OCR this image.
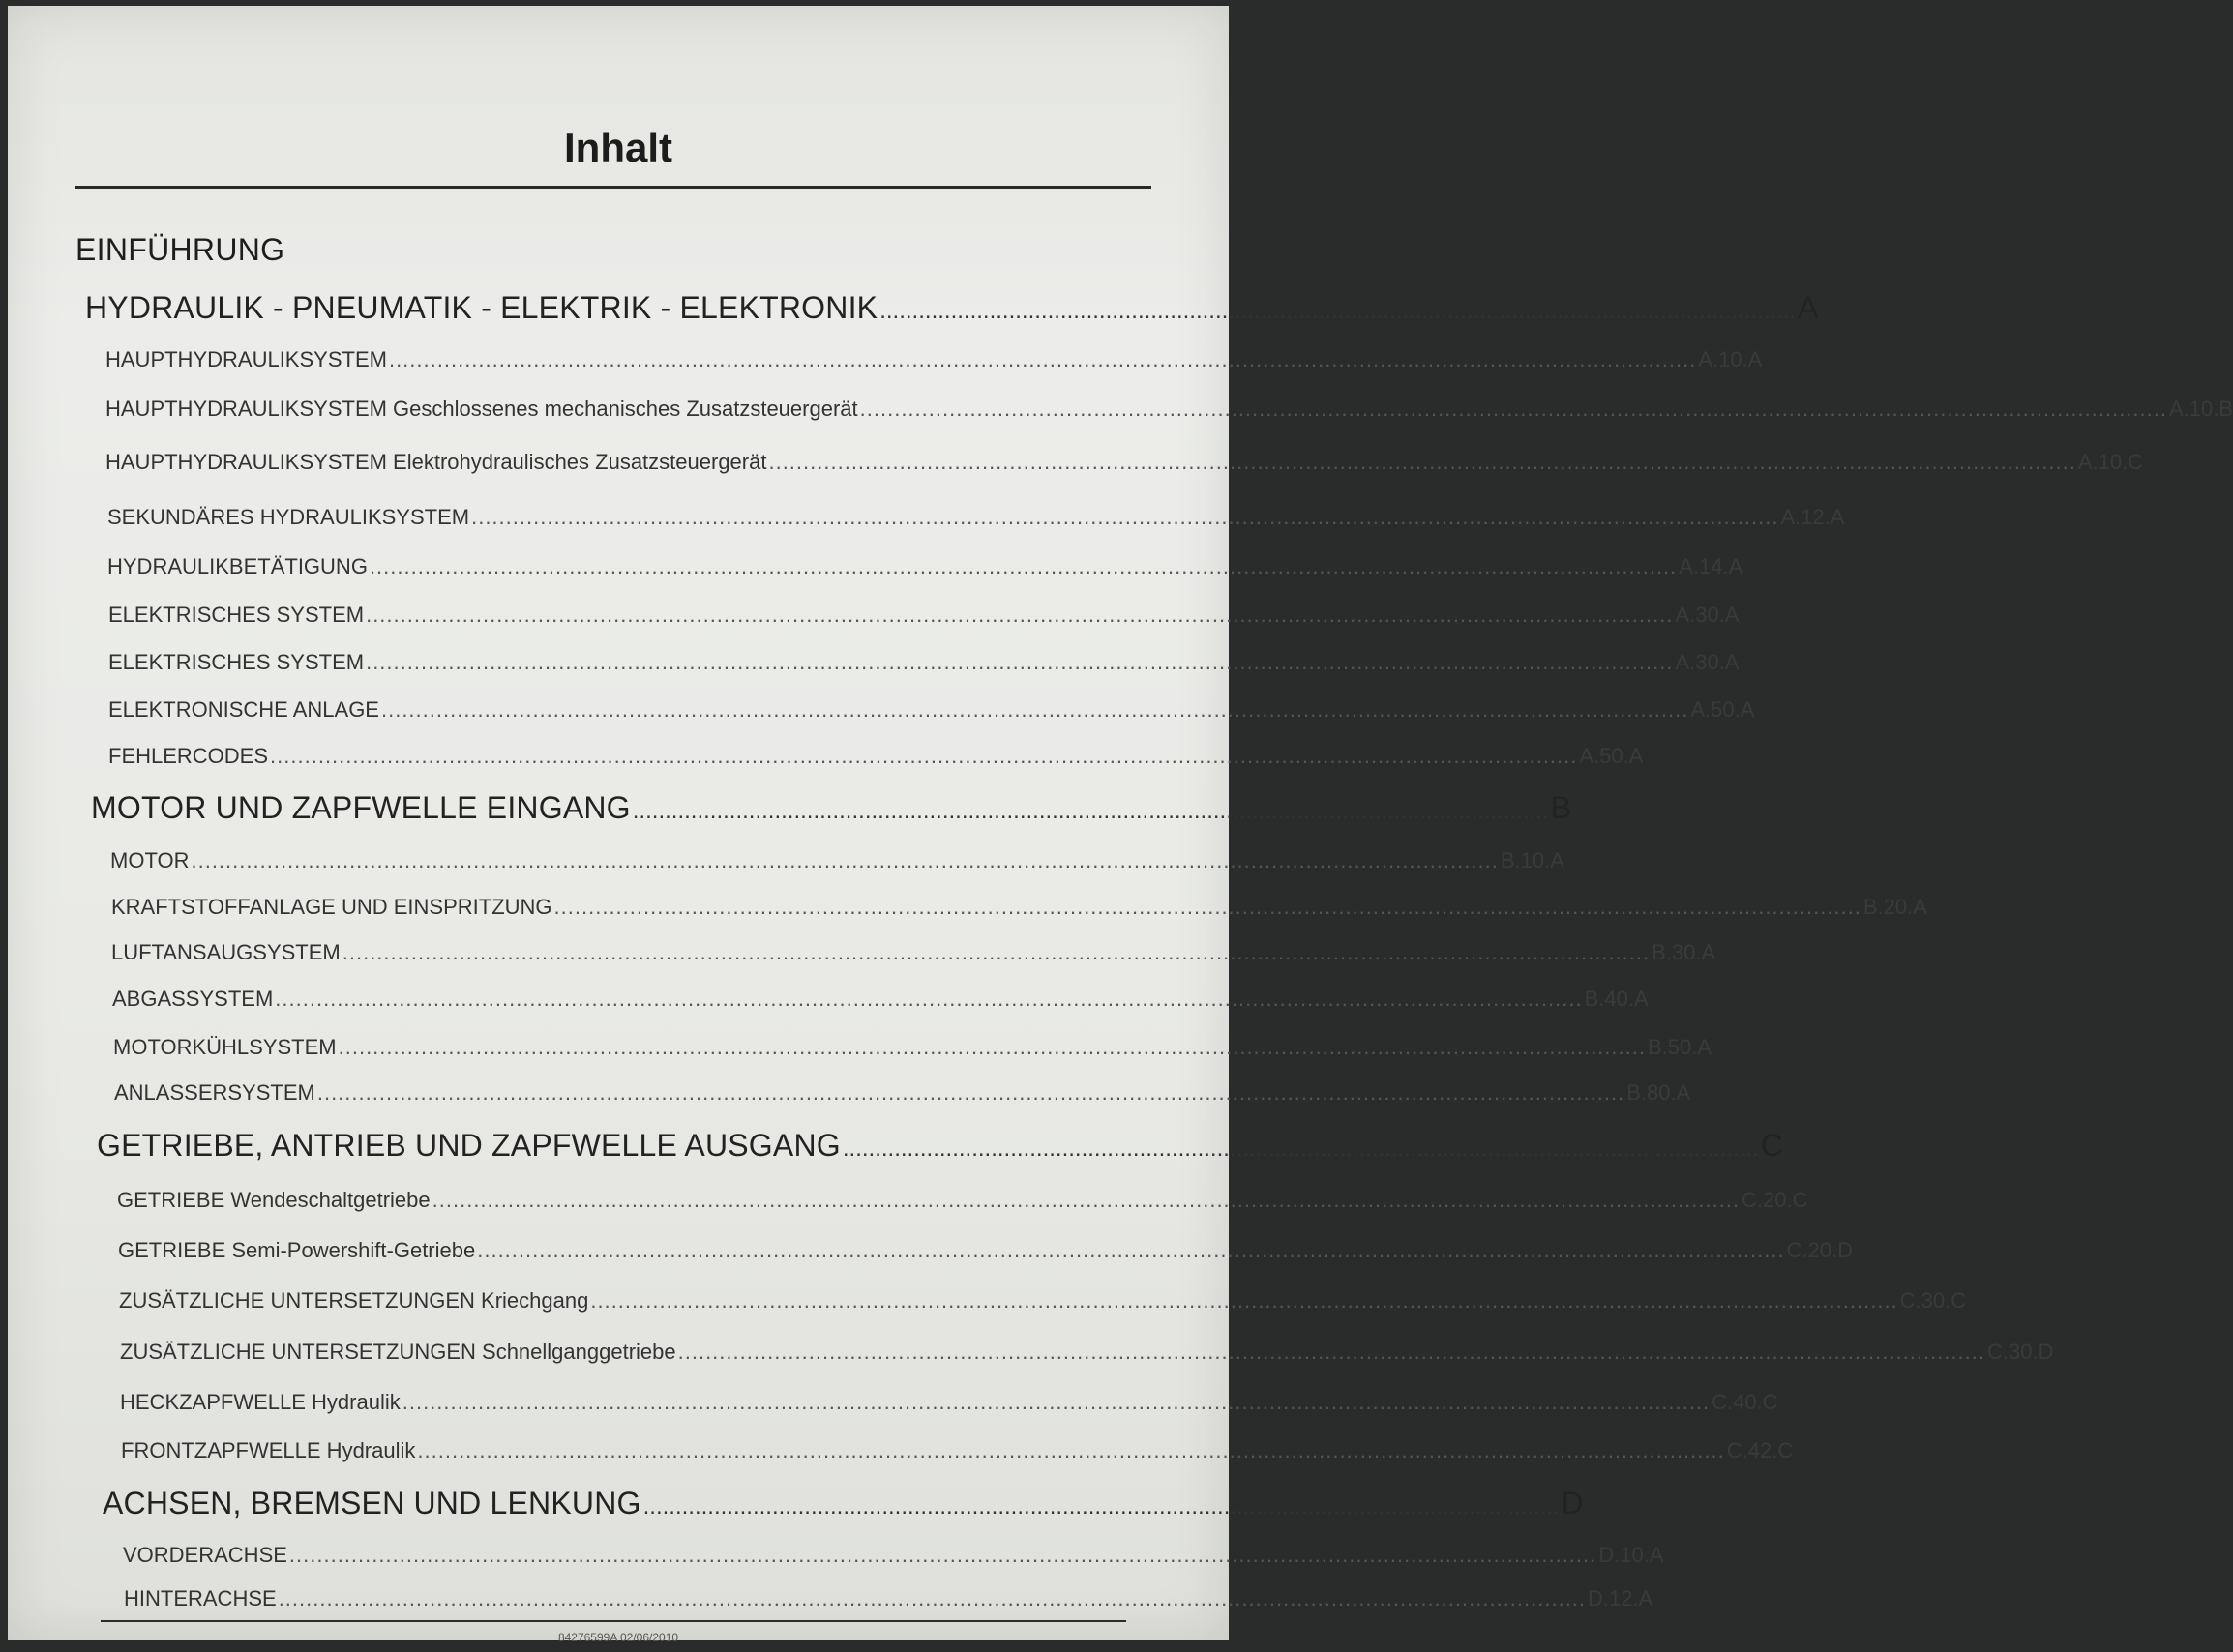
Inhalt
EINFÜHRUNG
HYDRAULIK - PNEUMATIK - ELEKTRIK - ELEKTRONIK .............................................................................................................................................. A
HAUPTHYDRAULIKSYSTEM .............................................................................................................................................................................................. A.10.A
HAUPTHYDRAULIKSYSTEM Geschlossenes mechanisches Zusatzsteuergerät .............................................................................................................................................................................................. A.10.B
HAUPTHYDRAULIKSYSTEM Elektrohydraulisches Zusatzsteuergerät .............................................................................................................................................................................................. A.10.C
SEKUNDÄRES HYDRAULIKSYSTEM .............................................................................................................................................................................................. A.12.A
HYDRAULIKBETÄTIGUNG .............................................................................................................................................................................................. A.14.A
ELEKTRISCHES SYSTEM .............................................................................................................................................................................................. A.30.A
ELEKTRISCHES SYSTEM .............................................................................................................................................................................................. A.30.A
ELEKTRONISCHE ANLAGE .............................................................................................................................................................................................. A.50.A
FEHLERCODES .............................................................................................................................................................................................. A.50.A
MOTOR UND ZAPFWELLE EINGANG .............................................................................................................................................. B
MOTOR .............................................................................................................................................................................................. B.10.A
KRAFTSTOFFANLAGE UND EINSPRITZUNG .............................................................................................................................................................................................. B.20.A
LUFTANSAUGSYSTEM .............................................................................................................................................................................................. B.30.A
ABGASSYSTEM .............................................................................................................................................................................................. B.40.A
MOTORKÜHLSYSTEM .............................................................................................................................................................................................. B.50.A
ANLASSERSYSTEM .............................................................................................................................................................................................. B.80.A
GETRIEBE, ANTRIEB UND ZAPFWELLE AUSGANG .............................................................................................................................................. C
GETRIEBE Wendeschaltgetriebe .............................................................................................................................................................................................. C.20.C
GETRIEBE Semi-Powershift-Getriebe .............................................................................................................................................................................................. C.20.D
ZUSÄTZLICHE UNTERSETZUNGEN Kriechgang .............................................................................................................................................................................................. C.30.C
ZUSÄTZLICHE UNTERSETZUNGEN Schnellganggetriebe .............................................................................................................................................................................................. C.30.D
HECKZAPFWELLE Hydraulik .............................................................................................................................................................................................. C.40.C
FRONTZAPFWELLE Hydraulik .............................................................................................................................................................................................. C.42.C
ACHSEN, BREMSEN UND LENKUNG .............................................................................................................................................. D
VORDERACHSE .............................................................................................................................................................................................. D.10.A
HINTERACHSE .............................................................................................................................................................................................. D.12.A
84276599A 02/06/2010
